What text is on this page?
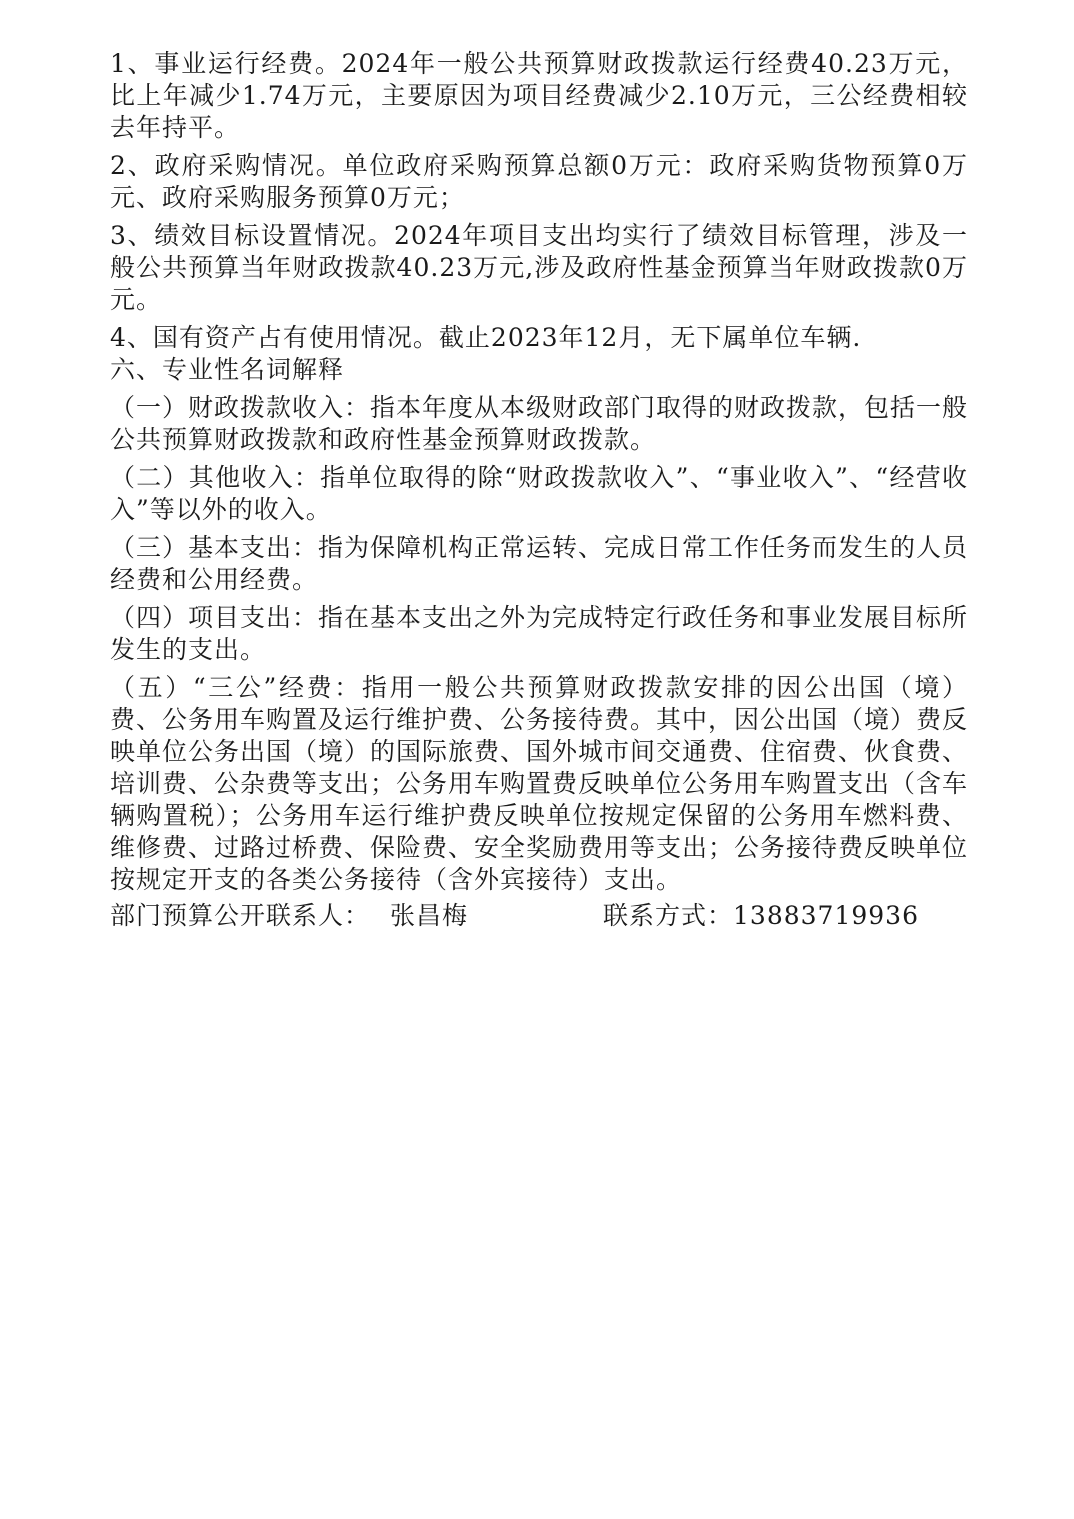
1、事业运行经费。2024年一般公共预算财政拨款运行经费40.23万元，比上年减少1.74万元，主要原因为项目经费减少2.10万元，三公经费相较去年持平。

2、政府采购情况。单位政府采购预算总额0万元：政府采购货物预算0万元、政府采购服务预算0万元；

3、绩效目标设置情况。2024年项目支出均实行了绩效目标管理，涉及一般公共预算当年财政拨款40.23万元,涉及政府性基金预算当年财政拨款0万元。

4、国有资产占有使用情况。截止2023年12月，无下属单位车辆.

六、专业性名词解释

（一）财政拨款收入：指本年度从本级财政部门取得的财政拨款，包括一般公共预算财政拨款和政府性基金预算财政拨款。

（二）其他收入：指单位取得的除“财政拨款收入”、“事业收入”、“经营收入”等以外的收入。

（三）基本支出：指为保障机构正常运转、完成日常工作任务而发生的人员经费和公用经费。

（四）项目支出：指在基本支出之外为完成特定行政任务和事业发展目标所发生的支出。

（五）“三公”经费：指用一般公共预算财政拨款安排的因公出国（境）费、公务用车购置及运行维护费、公务接待费。其中，因公出国（境）费反映单位公务出国（境）的国际旅费、国外城市间交通费、住宿费、伙食费、培训费、公杂费等支出；公务用车购置费反映单位公务用车购置支出（含车辆购置税）；公务用车运行维护费反映单位按规定保留的公务用车燃料费、维修费、过路过桥费、保险费、安全奖励费用等支出；公务接待费反映单位按规定开支的各类公务接待（含外宾接待）支出。

部门预算公开联系人： 张昌梅	联系方式：13883719936
